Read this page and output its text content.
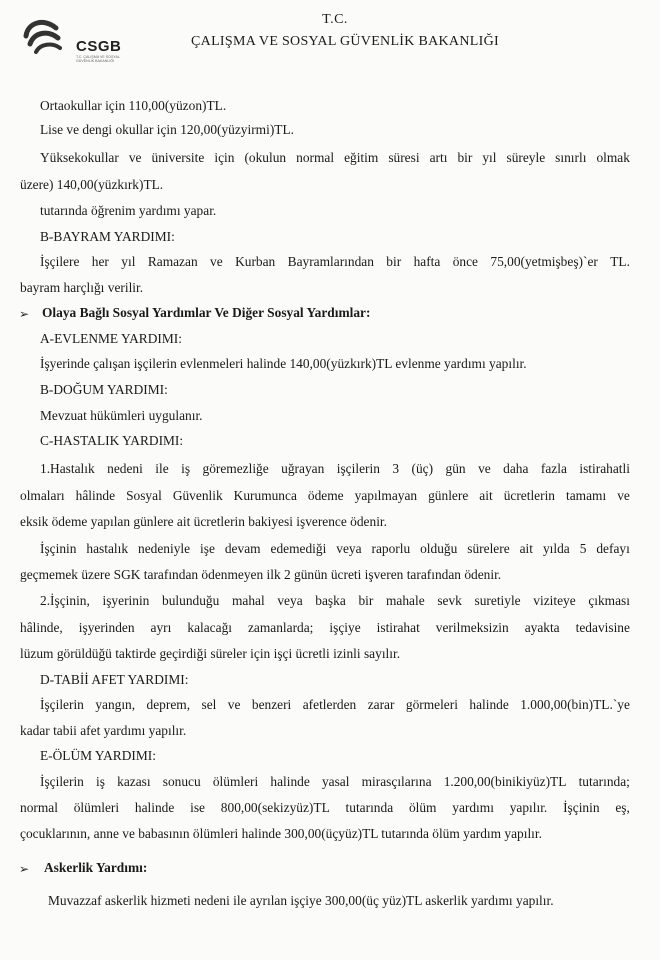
CSGB
T.C. ÇALIŞMA VE SOSYAL GÜVENLİK BAKANLIĞI
T.C.
ÇALIŞMA VE SOSYAL GÜVENLİK BAKANLIĞI
Ortaokullar için 110,00(yüzon)TL.
Lise ve dengi okullar için 120,00(yüzyirmi)TL.
Yüksekokullar ve üniversite için (okulun normal eğitim süresi artı bir yıl süreyle sınırlı olmak
üzere) 140,00(yüzkırk)TL.
tutarında öğrenim yardımı yapar.
B-BAYRAM YARDIMI:
İşçilere her yıl Ramazan ve Kurban Bayramlarından bir hafta önce 75,00(yetmişbeş)`er TL.
bayram harçlığı verilir.
➢ Olaya Bağlı Sosyal Yardımlar Ve Diğer Sosyal Yardımlar:
A-EVLENME YARDIMI:
İşyerinde çalışan işçilerin evlenmeleri halinde 140,00(yüzkırk)TL evlenme yardımı yapılır.
B-DOĞUM YARDIMI:
Mevzuat hükümleri uygulanır.
C-HASTALIK YARDIMI:
1.Hastalık nedeni ile iş göremezliğe uğrayan işçilerin 3 (üç) gün ve daha fazla istirahatli
olmaları hâlinde Sosyal Güvenlik Kurumunca ödeme yapılmayan günlere ait ücretlerin tamamı ve
eksik ödeme yapılan günlere ait ücretlerin bakiyesi işverence ödenir.
İşçinin hastalık nedeniyle işe devam edemediği veya raporlu olduğu sürelere ait yılda 5 defayı
geçmemek üzere SGK tarafından ödenmeyen ilk 2 günün ücreti işveren tarafından ödenir.
2.İşçinin, işyerinin bulunduğu mahal veya başka bir mahale sevk suretiyle viziteye çıkması
hâlinde, işyerinden ayrı kalacağı zamanlarda; işçiye istirahat verilmeksizin ayakta tedavisine
lüzum görüldüğü taktirde geçirdiği süreler için işçi ücretli izinli sayılır.
D-TABİİ AFET YARDIMI:
İşçilerin yangın, deprem, sel ve benzeri afetlerden zarar görmeleri halinde 1.000,00(bin)TL.`ye
kadar tabii afet yardımı yapılır.
E-ÖLÜM YARDIMI:
İşçilerin iş kazası sonucu ölümleri halinde yasal mirasçılarına 1.200,00(binikiyüz)TL tutarında;
normal ölümleri halinde ise 800,00(sekizyüz)TL tutarında ölüm yardımı yapılır. İşçinin eş,
çocuklarının, anne ve babasının ölümleri halinde 300,00(üçyüz)TL tutarında ölüm yardım yapılır.
➢ Askerlik Yardımı:
Muvazzaf askerlik hizmeti nedeni ile ayrılan işçiye 300,00(üç yüz)TL askerlik yardımı yapılır.
